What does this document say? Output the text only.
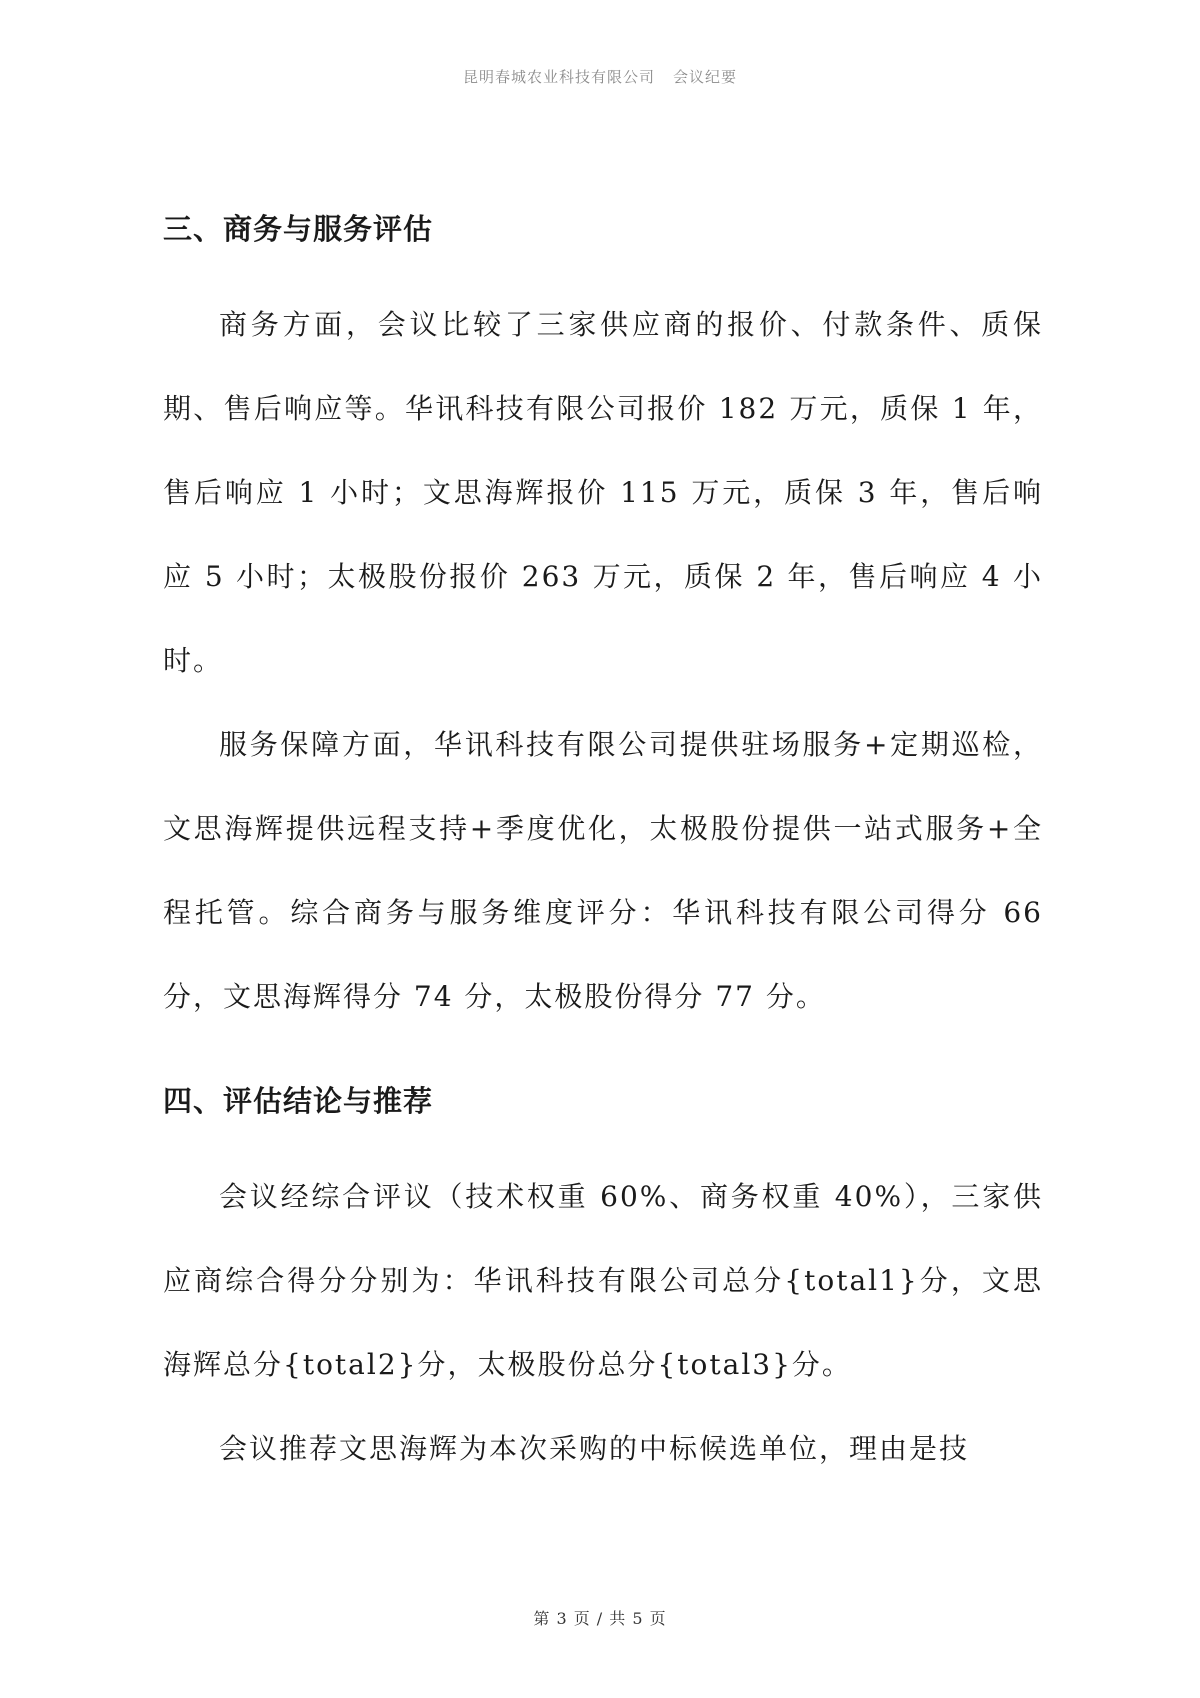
昆明春城农业科技有限公司 会议纪要
三、商务与服务评估

商务方面，会议比较了三家供应商的报价、付款条件、质保期、售后响应等。华讯科技有限公司报价 182 万元，质保 1 年，售后响应 1 小时；文思海辉报价 115 万元，质保 3 年，售后响应 5 小时；太极股份报价 263 万元，质保 2 年，售后响应 4 小时。

服务保障方面，华讯科技有限公司提供驻场服务+定期巡检，文思海辉提供远程支持+季度优化，太极股份提供一站式服务+全程托管。综合商务与服务维度评分：华讯科技有限公司得分 66 分，文思海辉得分 74 分，太极股份得分 77 分。

四、评估结论与推荐

会议经综合评议（技术权重 60%、商务权重 40%），三家供应商综合得分分别为：华讯科技有限公司总分{total1}分，文思海辉总分{total2}分，太极股份总分{total3}分。

会议推荐文思海辉为本次采购的中标候选单位，理由是技

第 3 页 / 共 5 页
